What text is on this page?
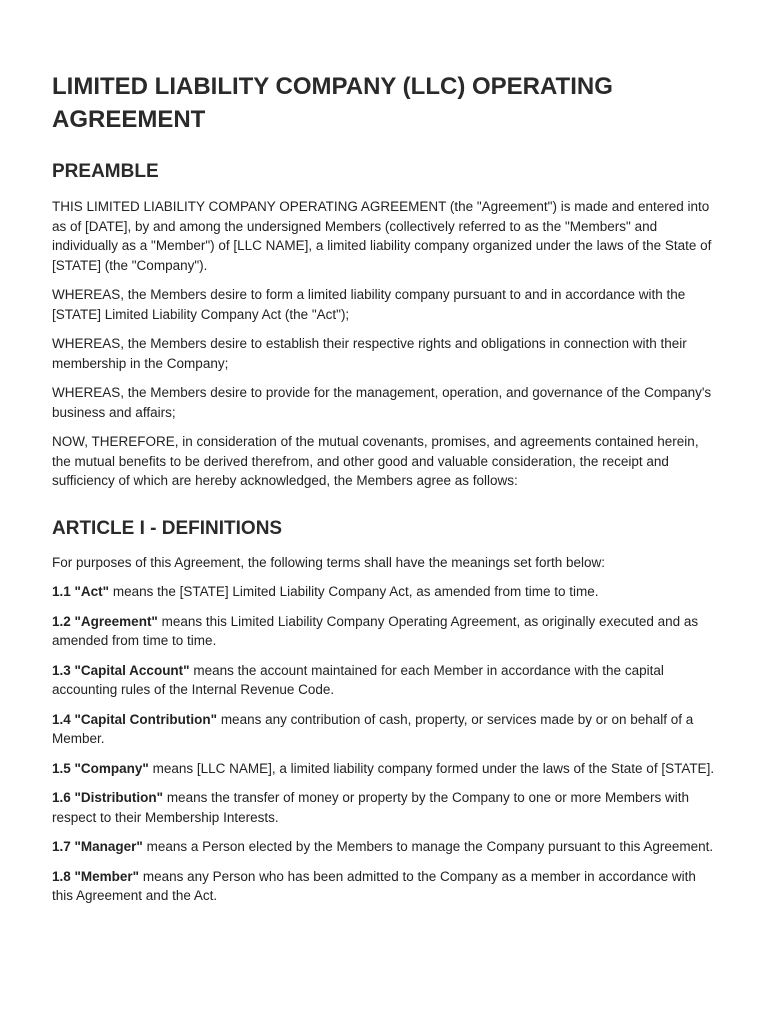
LIMITED LIABILITY COMPANY (LLC) OPERATING AGREEMENT
PREAMBLE

THIS LIMITED LIABILITY COMPANY OPERATING AGREEMENT (the "Agreement") is made and entered into as of [DATE], by and among the undersigned Members (collectively referred to as the "Members" and individually as a "Member") of [LLC NAME], a limited liability company organized under the laws of the State of [STATE] (the "Company").

WHEREAS, the Members desire to form a limited liability company pursuant to and in accordance with the [STATE] Limited Liability Company Act (the "Act");

WHEREAS, the Members desire to establish their respective rights and obligations in connection with their membership in the Company;

WHEREAS, the Members desire to provide for the management, operation, and governance of the Company's business and affairs;

NOW, THEREFORE, in consideration of the mutual covenants, promises, and agreements contained herein, the mutual benefits to be derived therefrom, and other good and valuable consideration, the receipt and sufficiency of which are hereby acknowledged, the Members agree as follows:

ARTICLE I - DEFINITIONS

For purposes of this Agreement, the following terms shall have the meanings set forth below:

1.1 "Act" means the [STATE] Limited Liability Company Act, as amended from time to time.

1.2 "Agreement" means this Limited Liability Company Operating Agreement, as originally executed and as amended from time to time.

1.3 "Capital Account" means the account maintained for each Member in accordance with the capital accounting rules of the Internal Revenue Code.

1.4 "Capital Contribution" means any contribution of cash, property, or services made by or on behalf of a Member.

1.5 "Company" means [LLC NAME], a limited liability company formed under the laws of the State of [STATE].

1.6 "Distribution" means the transfer of money or property by the Company to one or more Members with respect to their Membership Interests.

1.7 "Manager" means a Person elected by the Members to manage the Company pursuant to this Agreement.

1.8 "Member" means any Person who has been admitted to the Company as a member in accordance with this Agreement and the Act.
